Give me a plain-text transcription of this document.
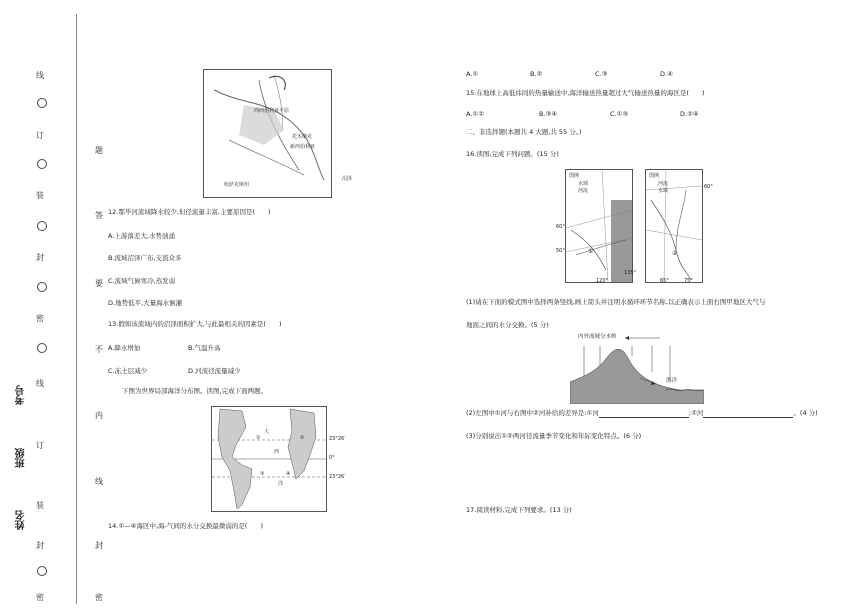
线
订
装
封
密
题
答
要
不
内
线
封
密
线
订
装
封
密
考号
班级
姓名
西西伯利亚平原
托木斯克
新西伯利亚
哈萨克斯坦
沼泽
12.鄂毕河流域降水较少,但径流量丰富,主要原因是(　　)
A.上游落差大,水势汹涌
B.流域沼泽广布,支流众多
C.流域气候寒冷,蒸发弱
D.地势低平,大量海水倒灌
13.假如该流域内的沼泽面积扩大,与此最相关的因素是(　　)
A.降水增加	B.气温升高
C.冻土层减少	D.河流径流量减少
下图为世界局部海洋分布图。读图,完成下面两题。
23°26′
0°
23°26′
大
西
洋
①	②
③	④
14.①—④海区中,海-气间的水分交换最微弱的是(　　)
A.①	B.②	C.③	D.④
15.在地球上高低纬间的热量输送中,海洋输送热量超过大气输送热量的海区是(　　)
A.①②	B.③④	C.①③	D.②④
二、非选择题(本题共 4 大题,共 55 分。)
16.读图,完成下列问题。(15 分)
图例
水域
河流
①
60°
50°
120°
135°
图例
河流
水域
②
60°
65°	75°
(1)请在下面的模式图中选择两条竖线,画上箭头并注明水循环环节名称,以正确表示上面右图甲地区大气与
地面之间的水分交换。(5 分)
内外流域分水岭
海洋
(2)左图中①河与右图中②河补给的差异是:①河	;②河	。(4 分)
(3)分别说出①②两河径流量季节变化和年际变化特点。(6 分)
17.阅读材料,完成下列要求。(13 分)
